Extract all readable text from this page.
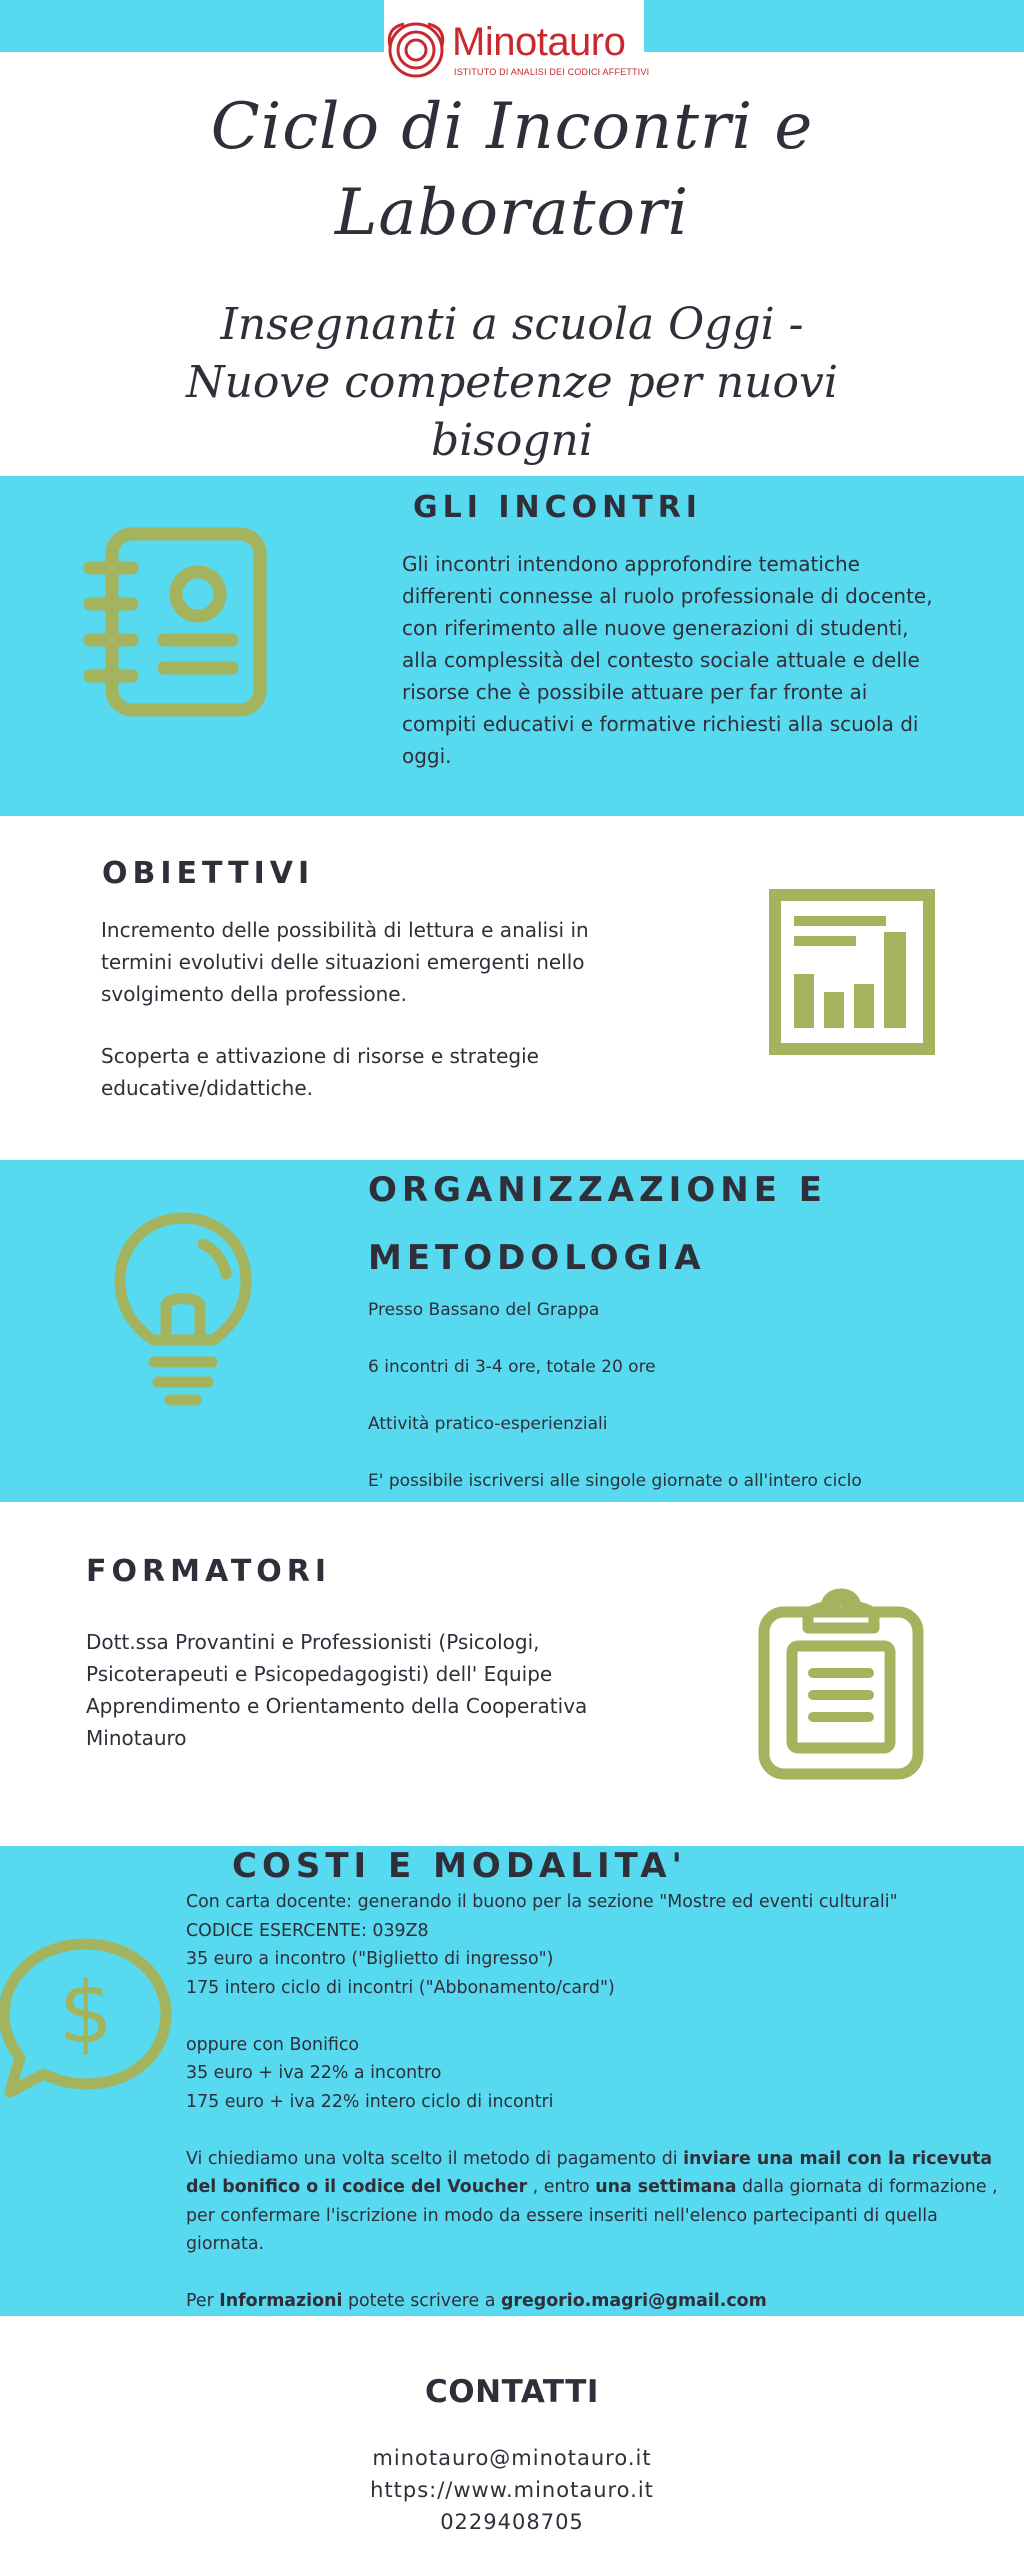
Minotauro
ISTITUTO DI ANALISI DEI CODICI AFFETTIVI
Ciclo di Incontri e Laboratori
Insegnanti a scuola Oggi - Nuove competenze per nuovi bisogni
GLI INCONTRI
Gli incontri intendono approfondire tematiche differenti connesse al ruolo professionale di docente, con riferimento alle nuove generazioni di studenti, alla complessità del contesto sociale attuale e delle risorse che è possibile attuare per far fronte ai compiti educativi e formative richiesti alla scuola di oggi.
OBIETTIVI
Incremento delle possibilità di lettura e analisi in termini evolutivi delle situazioni emergenti nello svolgimento della professione.
Scoperta e attivazione di risorse e strategie educative/didattiche.
ORGANIZZAZIONE E METODOLOGIA

Presso Bassano del Grappa

6 incontri di 3-4 ore, totale 20 ore

Attività pratico-esperienziali

E' possibile iscriversi alle singole giornate o all'intero ciclo

FORMATORI
Dott.ssa Provantini e Professionisti (Psicologi, Psicoterapeuti e Psicopedagogisti) dell' Equipe Apprendimento e Orientamento della Cooperativa Minotauro
COSTI E MODALITA'
$
Con carta docente: generando il buono per la sezione "Mostre ed eventi culturali"
CODICE ESERCENTE: 039Z8
35 euro a incontro ("Biglietto di ingresso")
175 intero ciclo di incontri ("Abbonamento/card")
oppure con Bonifico
35 euro + iva 22% a incontro
175 euro + iva 22% intero ciclo di incontri
Vi chiediamo una volta scelto il metodo di pagamento di inviare una mail con la ricevuta
del bonifico o il codice del Voucher , entro una settimana dalla giornata di formazione ,
per confermare l'iscrizione in modo da essere inseriti nell'elenco partecipanti di quella
giornata.
Per Informazioni potete scrivere a gregorio.magri@gmail.com
CONTATTI

minotauro@minotauro.it

https://www.minotauro.it

0229408705
